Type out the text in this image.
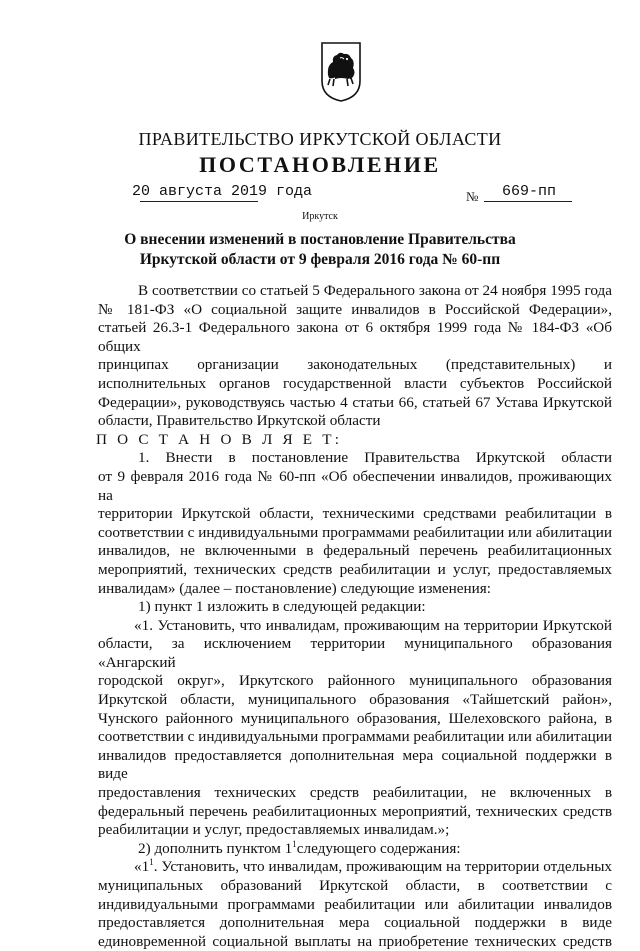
ПРАВИТЕЛЬСТВО ИРКУТСКОЙ ОБЛАСТИ
ПОСТАНОВЛЕНИЕ
20 августа 2019 года	№ 669-пп
Иркутск
О внесении изменений в постановление Правительства
Иркутской области от 9 февраля 2016 года № 60-пп

В соответствии со статьей 5 Федерального закона от 24 ноября 1995 года

№ 181-ФЗ «О социальной защите инвалидов в Российской Федерации»,

статьей 26.3-1 Федерального закона от 6 октября 1999 года № 184-ФЗ «Об общих

принципах организации законодательных (представительных) и

исполнительных органов государственной власти субъектов Российской

Федерации», руководствуясь частью 4 статьи 66, статьей 67 Устава Иркутской

области, Правительство Иркутской области

П О С Т А Н О В Л Я Е Т:

1. Внести в постановление Правительства Иркутской области

от 9 февраля 2016 года № 60-пп «Об обеспечении инвалидов, проживающих на

территории Иркутской области, техническими средствами реабилитации в

соответствии с индивидуальными программами реабилитации или абилитации

инвалидов, не включенными в федеральный перечень реабилитационных

мероприятий, технических средств реабилитации и услуг, предоставляемых

инвалидам» (далее – постановление) следующие изменения:

1) пункт 1 изложить в следующей редакции:

«1. Установить, что инвалидам, проживающим на территории Иркутской

области, за исключением территории муниципального образования «Ангарский

городской округ», Иркутского районного муниципального образования

Иркутской области, муниципального образования «Тайшетский район»,

Чунского районного муниципального образования, Шелеховского района, в

соответствии с индивидуальными программами реабилитации или абилитации

инвалидов предоставляется дополнительная мера социальной поддержки в виде

предоставления технических средств реабилитации, не включенных в

федеральный перечень реабилитационных мероприятий, технических средств

реабилитации и услуг, предоставляемых инвалидам.»;

2) дополнить пунктом $1^1следующего$ содержания:

«$1^1$. Установить, что инвалидам, проживающим на территории отдельных

муниципальных образований Иркутской области, в соответствии с

индивидуальными программами реабилитации или абилитации инвалидов

предоставляется дополнительная мера социальной поддержки в виде

единовременной социальной выплаты на приобретение технических средств
